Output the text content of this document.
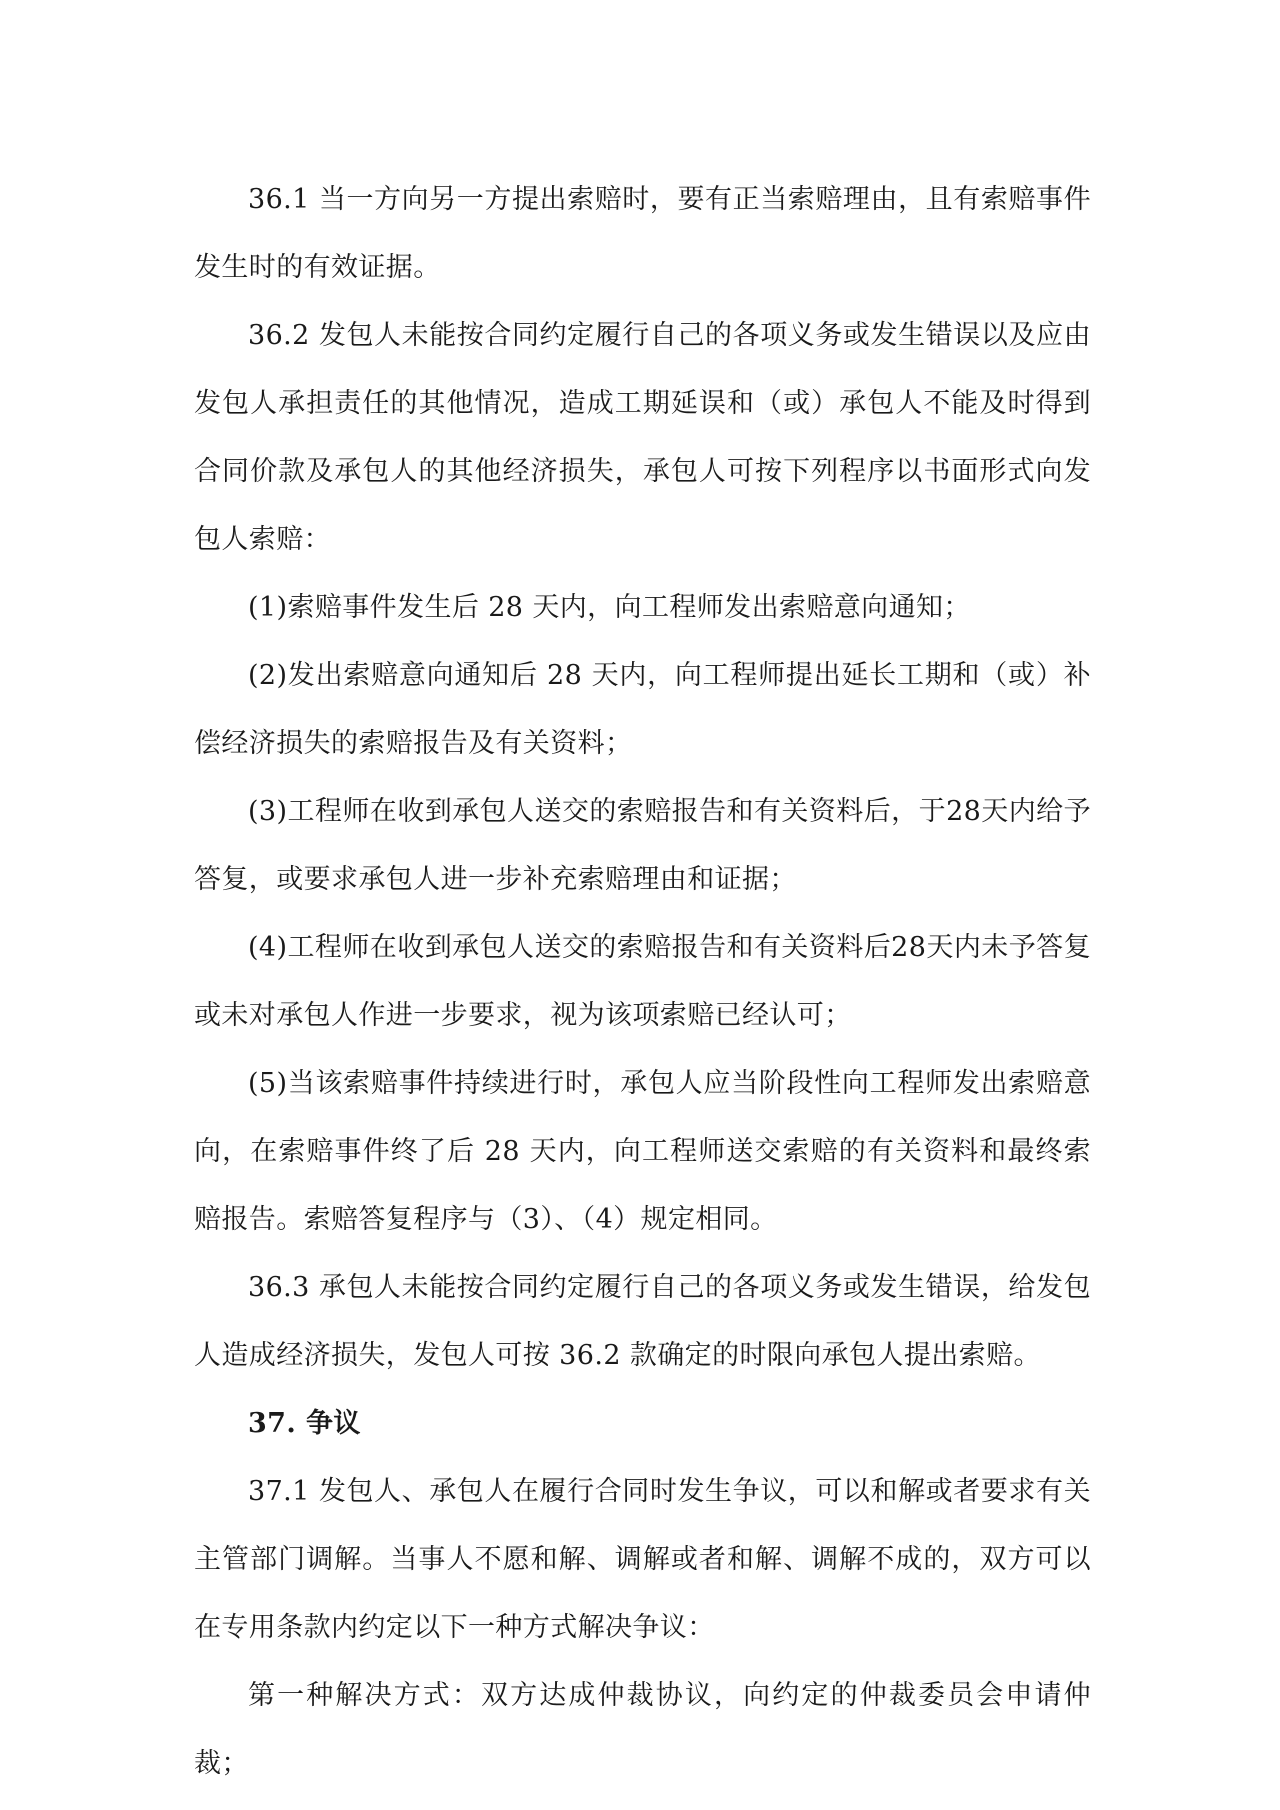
36.1 当一方向另一方提出索赔时，要有正当索赔理由，且有索赔事件发生时的有效证据。

36.2 发包人未能按合同约定履行自己的各项义务或发生错误以及应由发包人承担责任的其他情况，造成工期延误和（或）承包人不能及时得到合同价款及承包人的其他经济损失，承包人可按下列程序以书面形式向发包人索赔：

(1)索赔事件发生后 28 天内，向工程师发出索赔意向通知；

(2)发出索赔意向通知后 28 天内，向工程师提出延长工期和（或）补偿经济损失的索赔报告及有关资料；

(3)工程师在收到承包人送交的索赔报告和有关资料后，于28天内给予答复，或要求承包人进一步补充索赔理由和证据；

(4)工程师在收到承包人送交的索赔报告和有关资料后28天内未予答复或未对承包人作进一步要求，视为该项索赔已经认可；

(5)当该索赔事件持续进行时，承包人应当阶段性向工程师发出索赔意向，在索赔事件终了后 28 天内，向工程师送交索赔的有关资料和最终索赔报告。索赔答复程序与（3）、（4）规定相同。

36.3 承包人未能按合同约定履行自己的各项义务或发生错误，给发包人造成经济损失，发包人可按 36.2 款确定的时限向承包人提出索赔。

37. 争议

37.1 发包人、承包人在履行合同时发生争议，可以和解或者要求有关主管部门调解。当事人不愿和解、调解或者和解、调解不成的，双方可以在专用条款内约定以下一种方式解决争议：

第一种解决方式：双方达成仲裁协议，向约定的仲裁委员会申请仲裁；
